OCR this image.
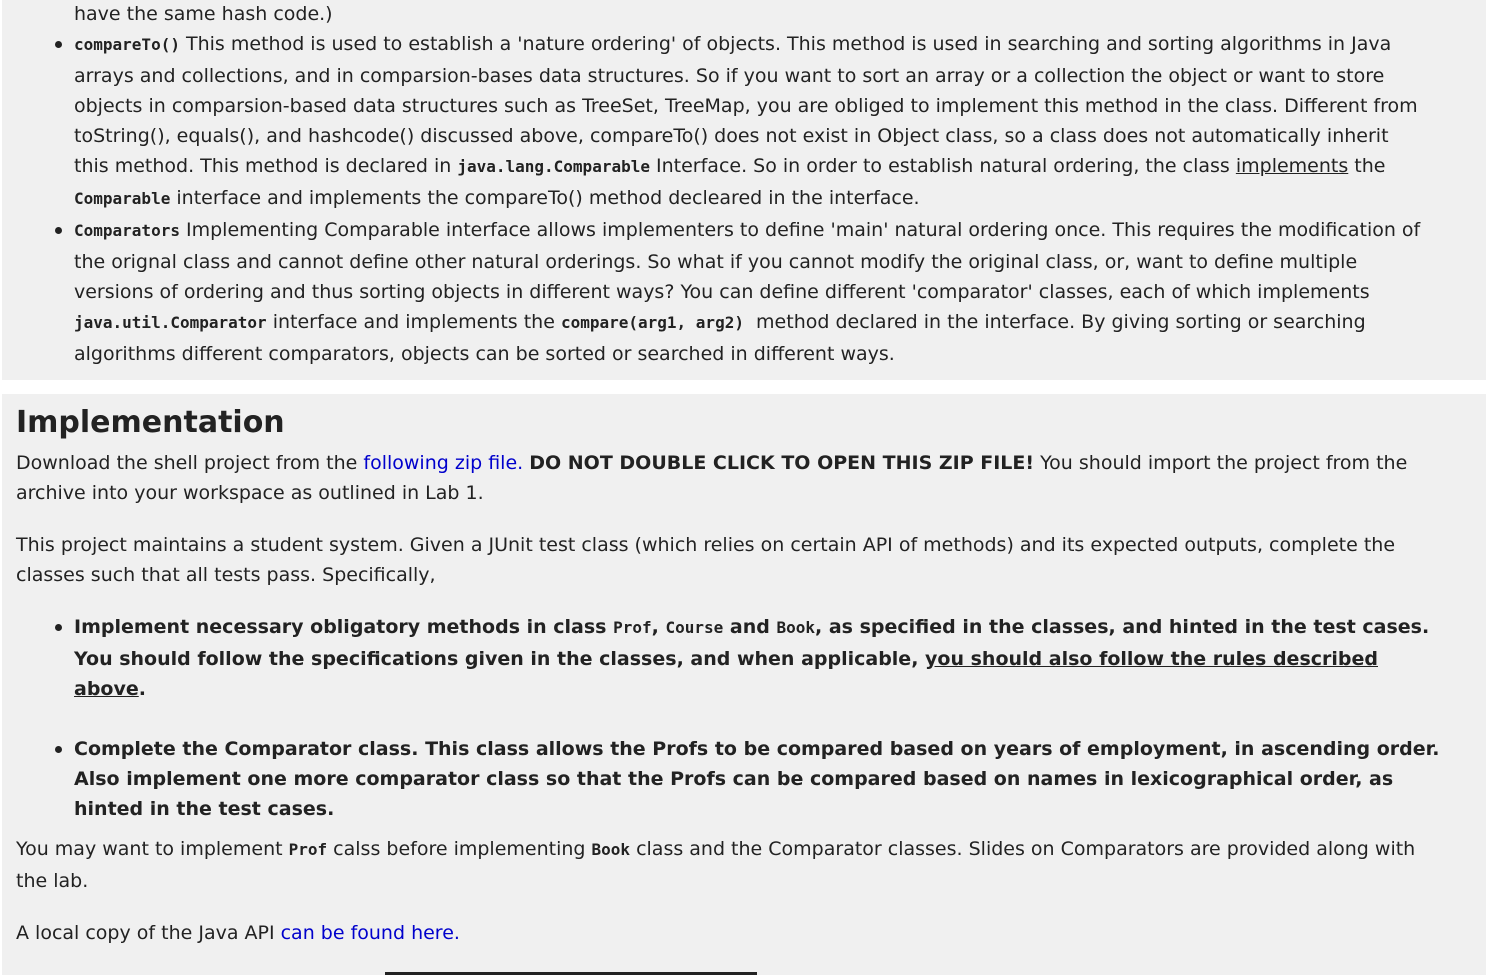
have the same hash code.)
compareTo() This method is used to establish a 'nature ordering' of objects. This method is used in searching and sorting algorithms in Java
arrays and collections, and in comparsion-bases data structures. So if you want to sort an array or a collection the object or want to store
objects in comparsion-based data structures such as TreeSet, TreeMap, you are obliged to implement this method in the class. Different from
toString(), equals(), and hashcode() discussed above, compareTo() does not exist in Object class, so a class does not automatically inherit
this method. This method is declared in java.lang.Comparable Interface. So in order to establish natural ordering, the class implements the
Comparable interface and implements the compareTo() method decleared in the interface.
Comparators Implementing Comparable interface allows implementers to define 'main' natural ordering once. This requires the modification of
the orignal class and cannot define other natural orderings. So what if you cannot modify the original class, or, want to define multiple
versions of ordering and thus sorting objects in different ways? You can define different 'comparator' classes, each of which implements
java.util.Comparator interface and implements the compare(arg1, arg2)  method declared in the interface. By giving sorting or searching
algorithms different comparators, objects can be sorted or searched in different ways.
Implementation
Download the shell project from the following zip file. DO NOT DOUBLE CLICK TO OPEN THIS ZIP FILE! You should import the project from the
archive into your workspace as outlined in Lab 1.
This project maintains a student system. Given a JUnit test class (which relies on certain API of methods) and its expected outputs, complete the
classes such that all tests pass. Specifically,
Implement necessary obligatory methods in class Prof, Course and Book, as specified in the classes, and hinted in the test cases.
You should follow the specifications given in the classes, and when applicable, you should also follow the rules described
above.
Complete the Comparator class. This class allows the Profs to be compared based on years of employment, in ascending order.
Also implement one more comparator class so that the Profs can be compared based on names in lexicographical order, as
hinted in the test cases.
You may want to implement Prof calss before implementing Book class and the Comparator classes. Slides on Comparators are provided along with
the lab.
A local copy of the Java API can be found here.
